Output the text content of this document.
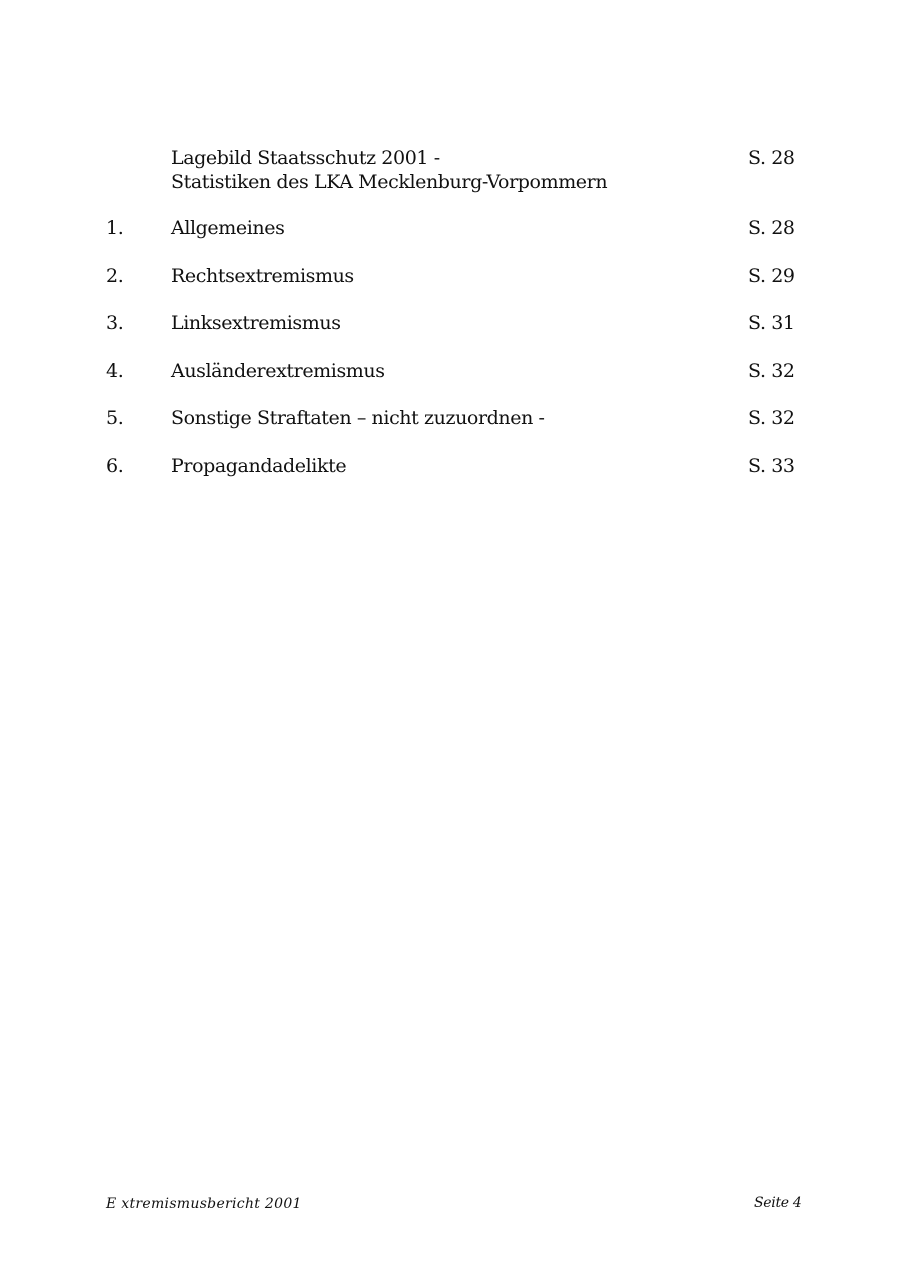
Lagebild Staatsschutz 2001 -
Statistiken des LKA Mecklenburg-Vorpommern
S. 28
1.	Allgemeines	S. 28
2.	Rechtsextremismus	S. 29
3.	Linksextremismus	S. 31
4.	Ausländerextremismus	S. 32
5.	Sonstige Straftaten – nicht zuzuordnen -	S. 32
6.	Propagandadelikte	S. 33
E xtremismusbericht 2001	Seite 4
